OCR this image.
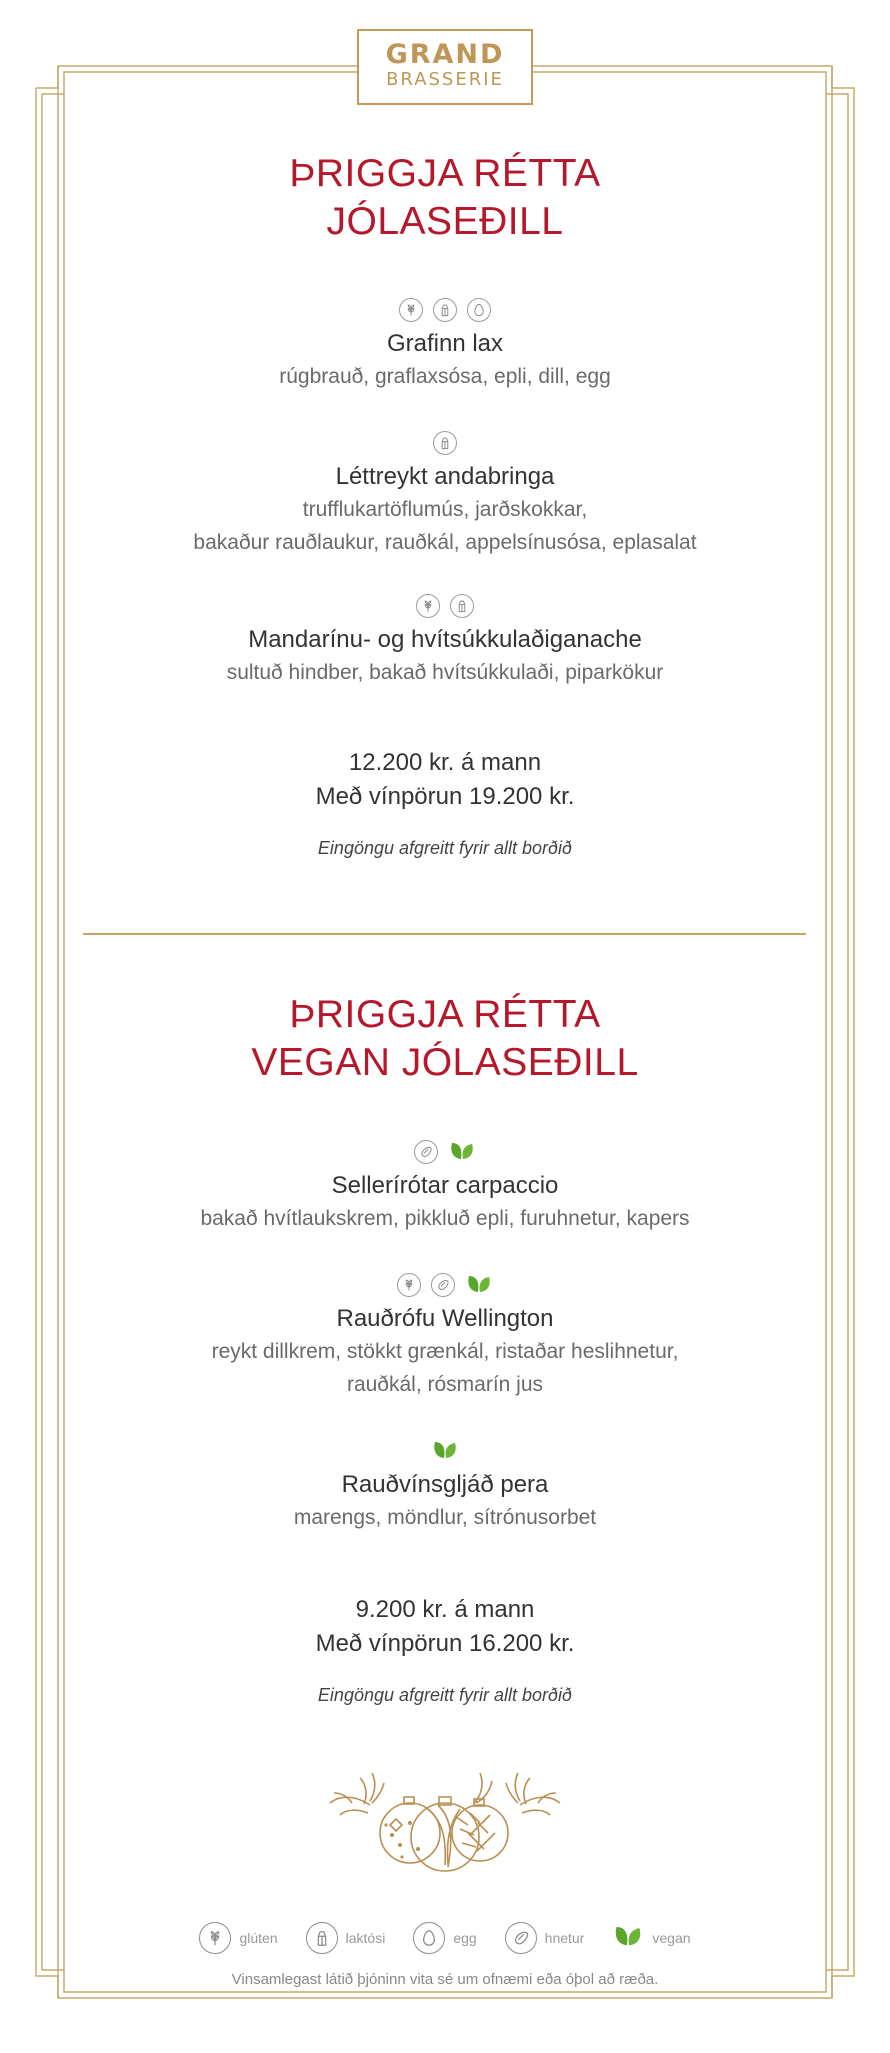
GRAND
BRASSERIE
ÞRIGGJA RÉTTA
JÓLASEÐILL
Grafinn lax
rúgbrauð, graflaxsósa, epli, dill, egg
Léttreykt andabringa
trufflukartöflumús, jarðskokkar,
bakaður rauðlaukur, rauðkál, appelsínusósa, eplasalat
Mandarínu- og hvítsúkkulaðiganache
sultuð hindber, bakað hvítsúkkulaði, piparkökur
12.200 kr. á mann
Með vínpörun 19.200 kr.
Eingöngu afgreitt fyrir allt borðið
ÞRIGGJA RÉTTA
VEGAN JÓLASEÐILL
Sellerírótar carpaccio
bakað hvítlaukskrem, pikkluð epli, furuhnetur, kapers
Rauðrófu Wellington
reykt dillkrem, stökkt grænkál, ristaðar heslihnetur,
rauðkál, rósmarín jus
Rauðvínsgljáð pera
marengs, möndlur, sítrónusorbet
9.200 kr. á mann
Með vínpörun 16.200 kr.
Eingöngu afgreitt fyrir allt borðið
glúten	laktósi	egg	hnetur	vegan
Vinsamlegast látið þjóninn vita sé um ofnæmi eða óþol að ræða.
